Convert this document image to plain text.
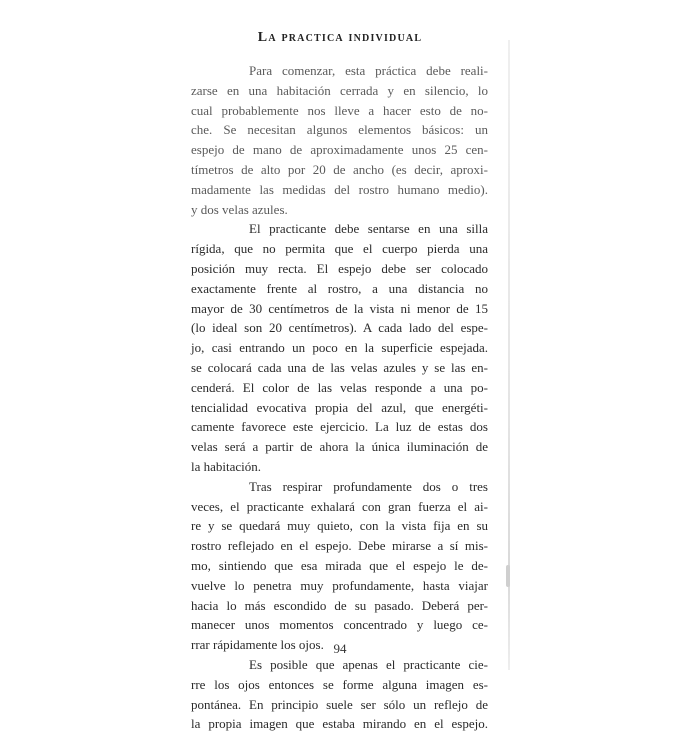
La practica individual
Para comenzar, esta práctica debe reali-
zarse en una habitación cerrada y en silencio, lo
cual probablemente nos lleve a hacer esto de no-
che. Se necesitan algunos elementos básicos: un
espejo de mano de aproximadamente unos 25 cen-
tímetros de alto por 20 de ancho (es decir, aproxi-
madamente las medidas del rostro humano medio).
y dos velas azules.
El practicante debe sentarse en una silla
rígida, que no permita que el cuerpo pierda una
posición muy recta. El espejo debe ser colocado
exactamente frente al rostro, a una distancia no
mayor de 30 centímetros de la vista ni menor de 15
(lo ideal son 20 centímetros). A cada lado del espe-
jo, casi entrando un poco en la superficie espejada.
se colocará cada una de las velas azules y se las en-
cenderá. El color de las velas responde a una po-
tencialidad evocativa propia del azul, que energéti-
camente favorece este ejercicio. La luz de estas dos
velas será a partir de ahora la única iluminación de
la habitación.
Tras respirar profundamente dos o tres
veces, el practicante exhalará con gran fuerza el ai-
re y se quedará muy quieto, con la vista fija en su
rostro reflejado en el espejo. Debe mirarse a sí mis-
mo, sintiendo que esa mirada que el espejo le de-
vuelve lo penetra muy profundamente, hasta viajar
hacia lo más escondido de su pasado. Deberá per-
manecer unos momentos concentrado y luego ce-
rrar rápidamente los ojos.
Es posible que apenas el practicante cie-
rre los ojos entonces se forme alguna imagen es-
pontánea. En principio suele ser sólo un reflejo de
la propia imagen que estaba mirando en el espejo.
94
